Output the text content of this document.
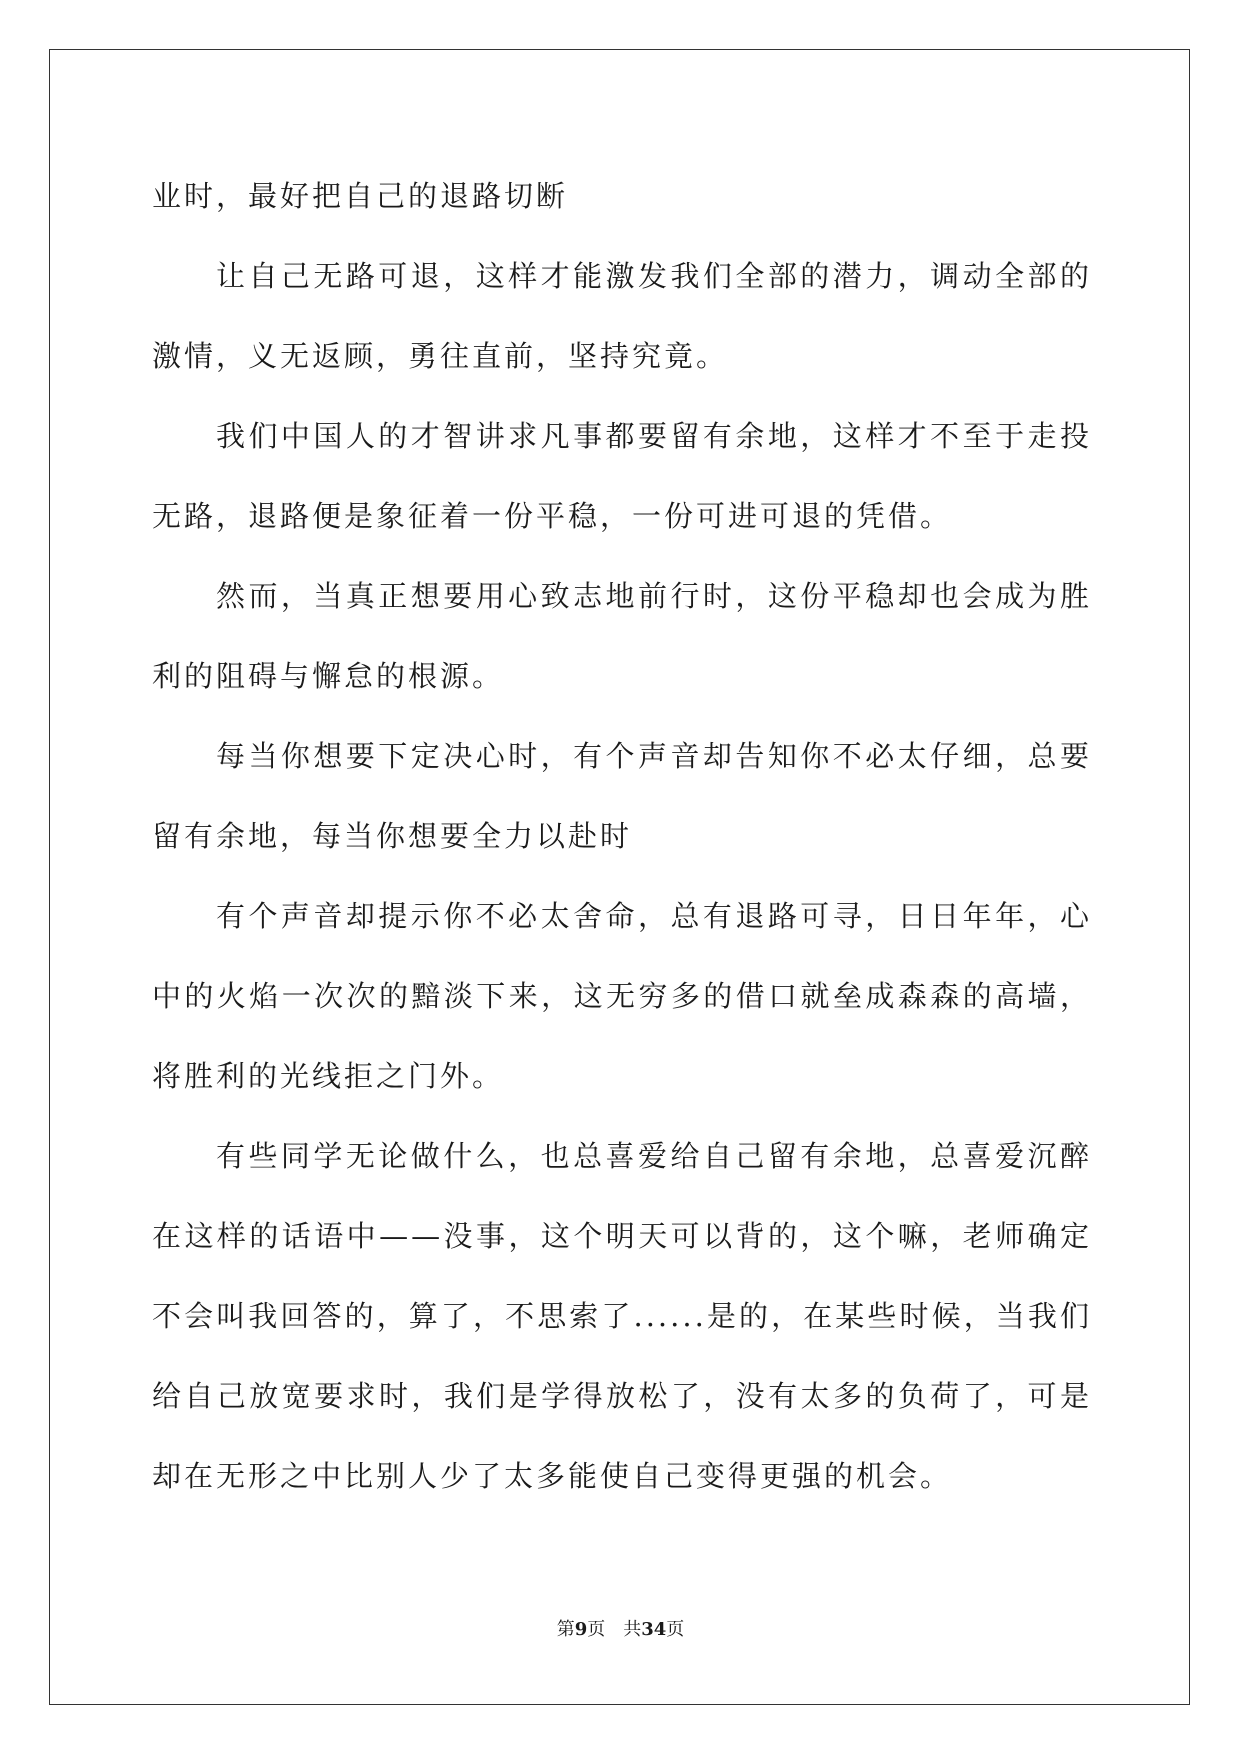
业时，最好把自己的退路切断

让自己无路可退，这样才能激发我们全部的潜力，调动全部的激情，义无返顾，勇往直前，坚持究竟。

我们中国人的才智讲求凡事都要留有余地，这样才不至于走投无路，退路便是象征着一份平稳，一份可进可退的凭借。

然而，当真正想要用心致志地前行时，这份平稳却也会成为胜利的阻碍与懈怠的根源。

每当你想要下定决心时，有个声音却告知你不必太仔细，总要留有余地，每当你想要全力以赴时

有个声音却提示你不必太舍命，总有退路可寻，日日年年，心中的火焰一次次的黯淡下来，这无穷多的借口就垒成森森的高墙，将胜利的光线拒之门外。

有些同学无论做什么，也总喜爱给自己留有余地，总喜爱沉醉在这样的话语中——没事，这个明天可以背的，这个嘛，老师确定不会叫我回答的，算了，不思索了......是的，在某些时候，当我们给自己放宽要求时，我们是学得放松了，没有太多的负荷了，可是却在无形之中比别人少了太多能使自己变得更强的机会。

第9页 共34页
